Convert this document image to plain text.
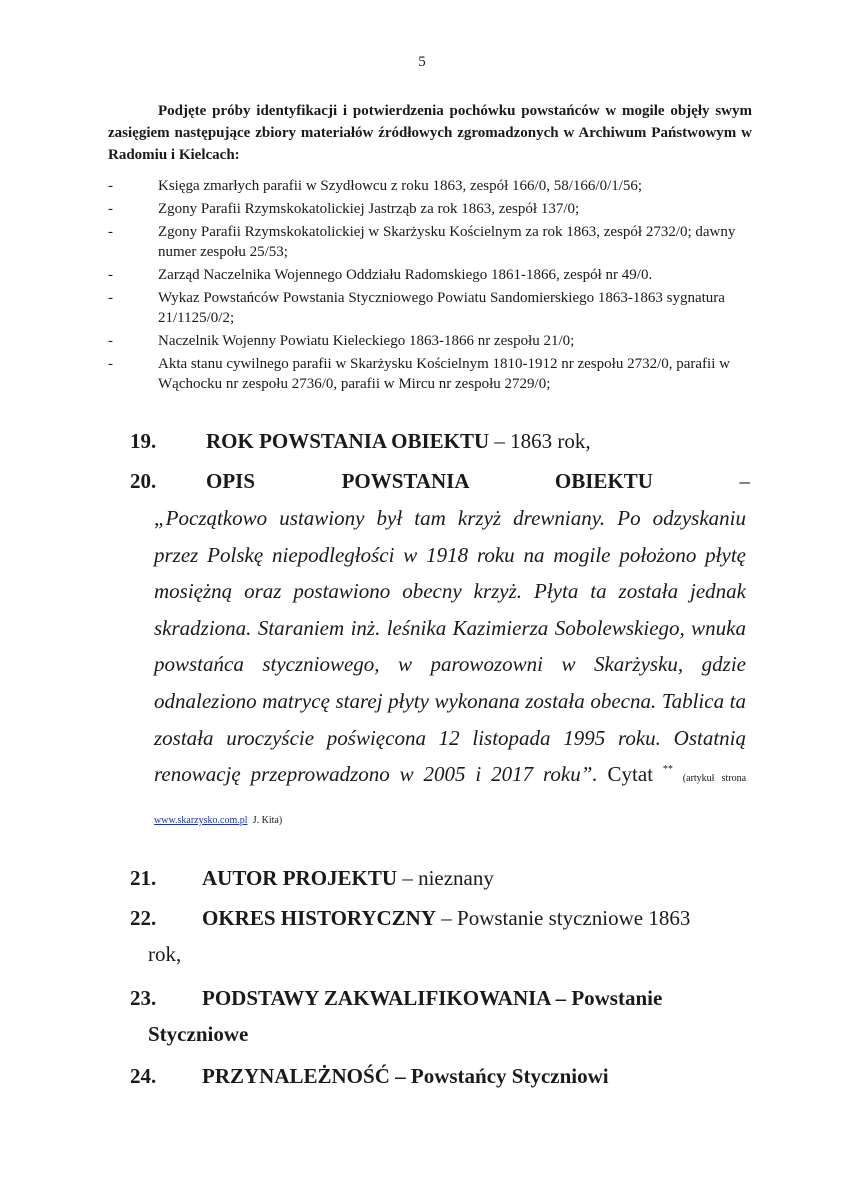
5

Podjęte próby identyfikacji i potwierdzenia pochówku powstańców w mogile objęły swym zasięgiem następujące zbiory materiałów źródłowych zgromadzonych w Archiwum Państwowym w Radomiu i Kielcach:

-	Księga zmarłych parafii w Szydłowcu z roku 1863, zespół 166/0, 58/166/0/1/56;
-	Zgony Parafii Rzymskokatolickiej Jastrząb za rok 1863, zespół 137/0;
-	Zgony Parafii Rzymskokatolickiej w Skarżysku Kościelnym za rok 1863, zespół 2732/0; dawny numer zespołu 25/53;
-	Zarząd Naczelnika Wojennego Oddziału Radomskiego 1861-1866, zespół nr 49/0.
-	Wykaz Powstańców Powstania Styczniowego Powiatu Sandomierskiego 1863-1863 sygnatura 21/1125/0/2;
-	Naczelnik Wojenny Powiatu Kieleckiego 1863-1866 nr zespołu 21/0;
-	Akta stanu cywilnego parafii w Skarżysku Kościelnym 1810-1912 nr zespołu 2732/0, parafii w Wąchocku nr zespołu 2736/0, parafii w Mircu nr zespołu 2729/0;
19. ROK POWSTANIA OBIEKTU – 1863 rok,
20. OPIS POWSTANIA OBIEKTU –

„Początkowo ustawiony był tam krzyż drewniany. Po odzyskaniu przez Polskę niepodległości w 1918 roku na mogile położono płytę mosiężną oraz postawiono obecny krzyż. Płyta ta została jednak skradziona. Staraniem inż. leśnika Kazimierza Sobolewskiego, wnuka powstańca styczniowego, w parowozowni w Skarżysku, gdzie odnaleziono matrycę starej płyty wykonana została obecna. Tablica ta została uroczyście poświęcona 12 listopada 1995 roku. Ostatnią renowację przeprowadzono w 2005 i 2017 roku”. Cytat ** (artykuł strona www.skarzysko.com.pl J. Kita)

21. AUTOR PROJEKTU – nieznany
22. OKRES HISTORYCZNY – Powstanie styczniowe 1863
rok,
23. PODSTAWY ZAKWALIFIKOWANIA – Powstanie
Styczniowe
24. PRZYNALEŻNOŚĆ – Powstańcy Styczniowi
